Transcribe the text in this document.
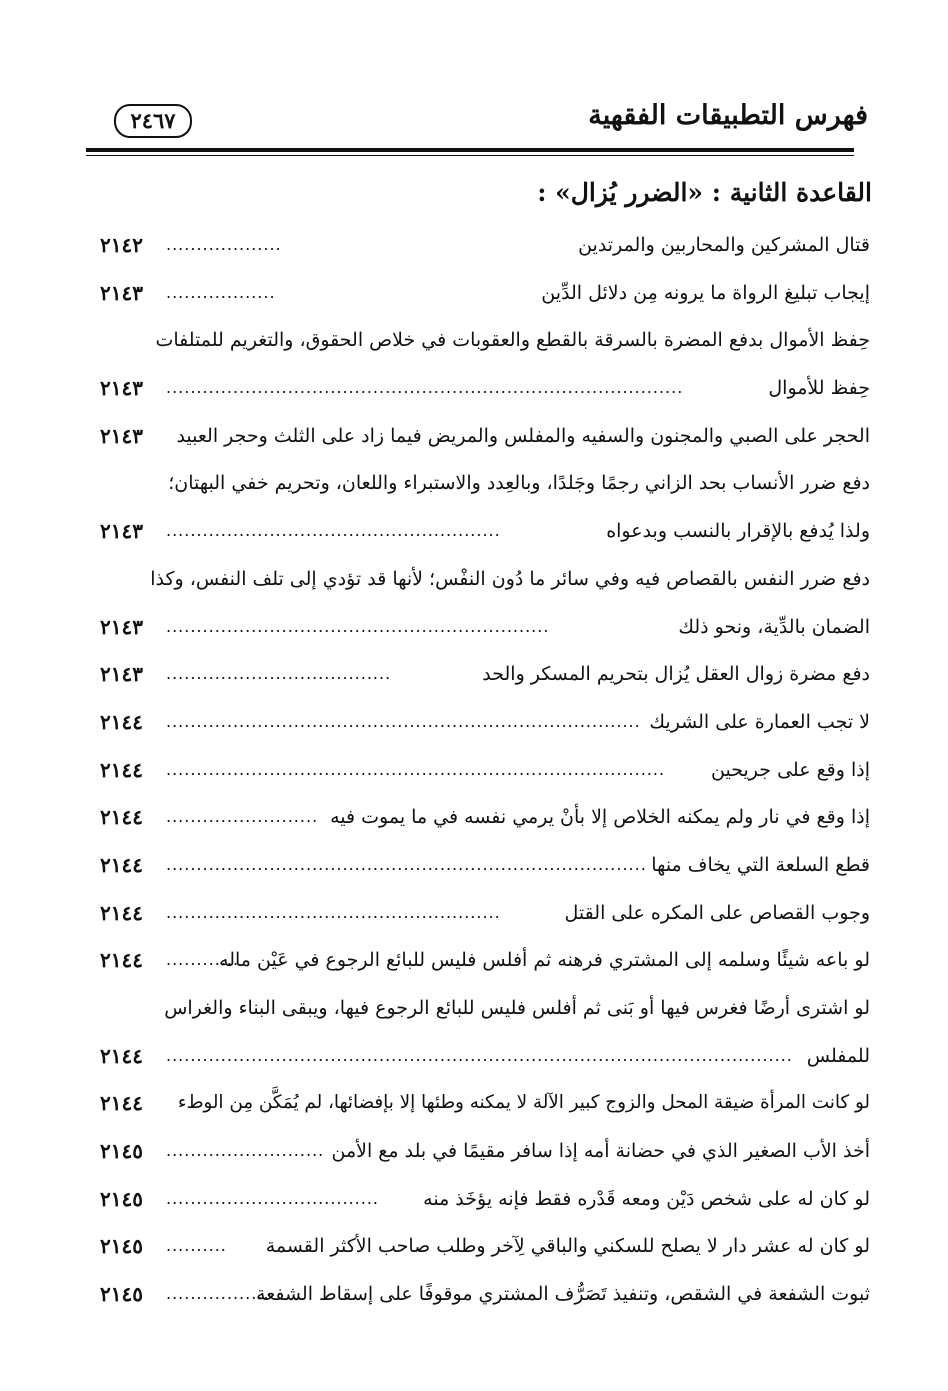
فهرس التطبيقات الفقهية
٢٤٦٧
القاعدة الثانية : «الضرر يُزال» :
قتال المشركين والمحاربين والمرتدين
...................
٢١٤٢
إيجاب تبليغ الرواة ما يرونه مِن دلائل الدِّين
..................
٢١٤٣
حِفظ الأموال بدفع المضرة بالسرقة بالقطع والعقوبات في خلاص الحقوق، والتغريم للمتلفات
حِفظ للأموال
.....................................................................................
٢١٤٣
الحجر على الصبي والمجنون والسفيه والمفلس والمريض فيما زاد على الثلث وحجر العبيد
٢١٤٣
دفع ضرر الأنساب بحد الزاني رجمًا وجَلدًا، وبالعِدد والاستبراء واللعان، وتحريم خفي البهتان؛
ولذا يُدفع بالإقرار بالنسب وبدعواه
.......................................................
٢١٤٣
دفع ضرر النفس بالقصاص فيه وفي سائر ما دُون النفْس؛ لأنها قد تؤدي إلى تلف النفس، وكذا
الضمان بالدِّية، ونحو ذلك
...............................................................
٢١٤٣
دفع مضرة زوال العقل يُزال بتحريم المسكر والحد
.....................................
٢١٤٣
لا تجب العمارة على الشريك
..............................................................................
٢١٤٤
إذا وقع على جريحين
..................................................................................
٢١٤٤
إذا وقع في نار ولم يمكنه الخلاص إلا بأنْ يرمي نفسه في ما يموت فيه
.........................
٢١٤٤
قطع السلعة التي يخاف منها
...............................................................................
٢١٤٤
وجوب القصاص على المكره على القتل
.......................................................
٢١٤٤
لو باعه شيئًا وسلمه إلى المشتري فرهنه ثم أفلس فليس للبائع الرجوع في عَيْن ماله
............
٢١٤٤
لو اشترى أرضًا فغرس فيها أو بَنى ثم أفلس فليس للبائع الرجوع فيها، ويبقى البناء والغراس
للمفلس
.......................................................................................................
٢١٤٤
لو كانت المرأة ضيقة المحل والزوج كبير الآلة لا يمكنه وطئها إلا بإفضائها، لم يُمَكَّن مِن الوطء
٢١٤٤
أخذ الأب الصغير الذي في حضانة أمه إذا سافر مقيمًا في بلد مع الأمن
..........................
٢١٤٥
لو كان له على شخص دَيْن ومعه قَدْره فقط فإنه يؤخَذ منه
...................................
٢١٤٥
لو كان له عشر دار لا يصلح للسكني والباقي لِآخر وطلب صاحب الأكثر القسمة
..........
٢١٤٥
ثبوت الشفعة في الشقص، وتنفيذ تَصَرُّف المشتري موقوفًا على إسقاط الشفعة
.................
٢١٤٥
